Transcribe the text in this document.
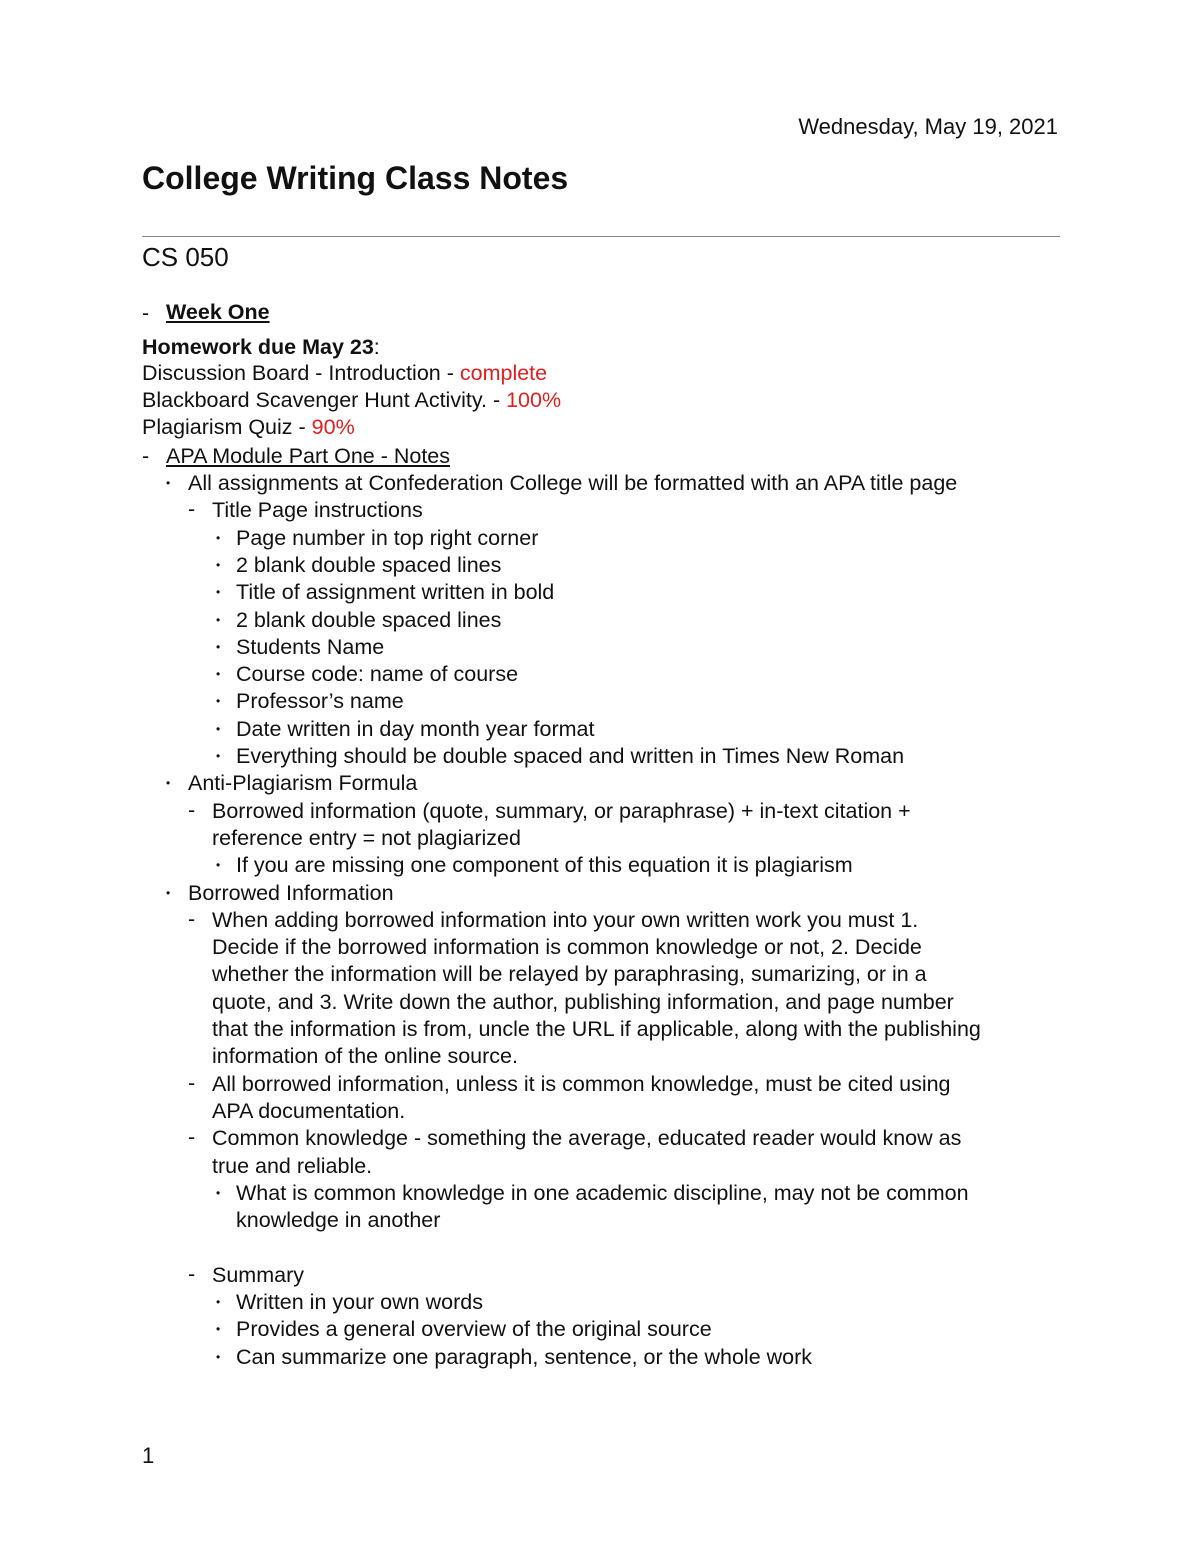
Wednesday, May 19, 2021
College Writing Class Notes
CS 050
- Week One
Homework due May 23:
Discussion Board - Introduction - complete
Blackboard Scavenger Hunt Activity. - 100%
Plagiarism Quiz - 90%
- APA Module Part One - Notes
• All assignments at Confederation College will be formatted with an APA title page
- Title Page instructions
• Page number in top right corner
• 2 blank double spaced lines
• Title of assignment written in bold
• 2 blank double spaced lines
• Students Name
• Course code: name of course
• Professor’s name
• Date written in day month year format
• Everything should be double spaced and written in Times New Roman
• Anti-Plagiarism Formula
- Borrowed information (quote, summary, or paraphrase) + in-text citation +
reference entry = not plagiarized
• If you are missing one component of this equation it is plagiarism
• Borrowed Information
- When adding borrowed information into your own written work you must 1.
Decide if the borrowed information is common knowledge or not, 2. Decide
whether the information will be relayed by paraphrasing, sumarizing, or in a
quote, and 3. Write down the author, publishing information, and page number
that the information is from, uncle the URL if applicable, along with the publishing
information of the online source.
- All borrowed information, unless it is common knowledge, must be cited using
APA documentation.
- Common knowledge - something the average, educated reader would know as
true and reliable.
• What is common knowledge in one academic discipline, may not be common
knowledge in another
- Summary
• Written in your own words
• Provides a general overview of the original source
• Can summarize one paragraph, sentence, or the whole work
1
